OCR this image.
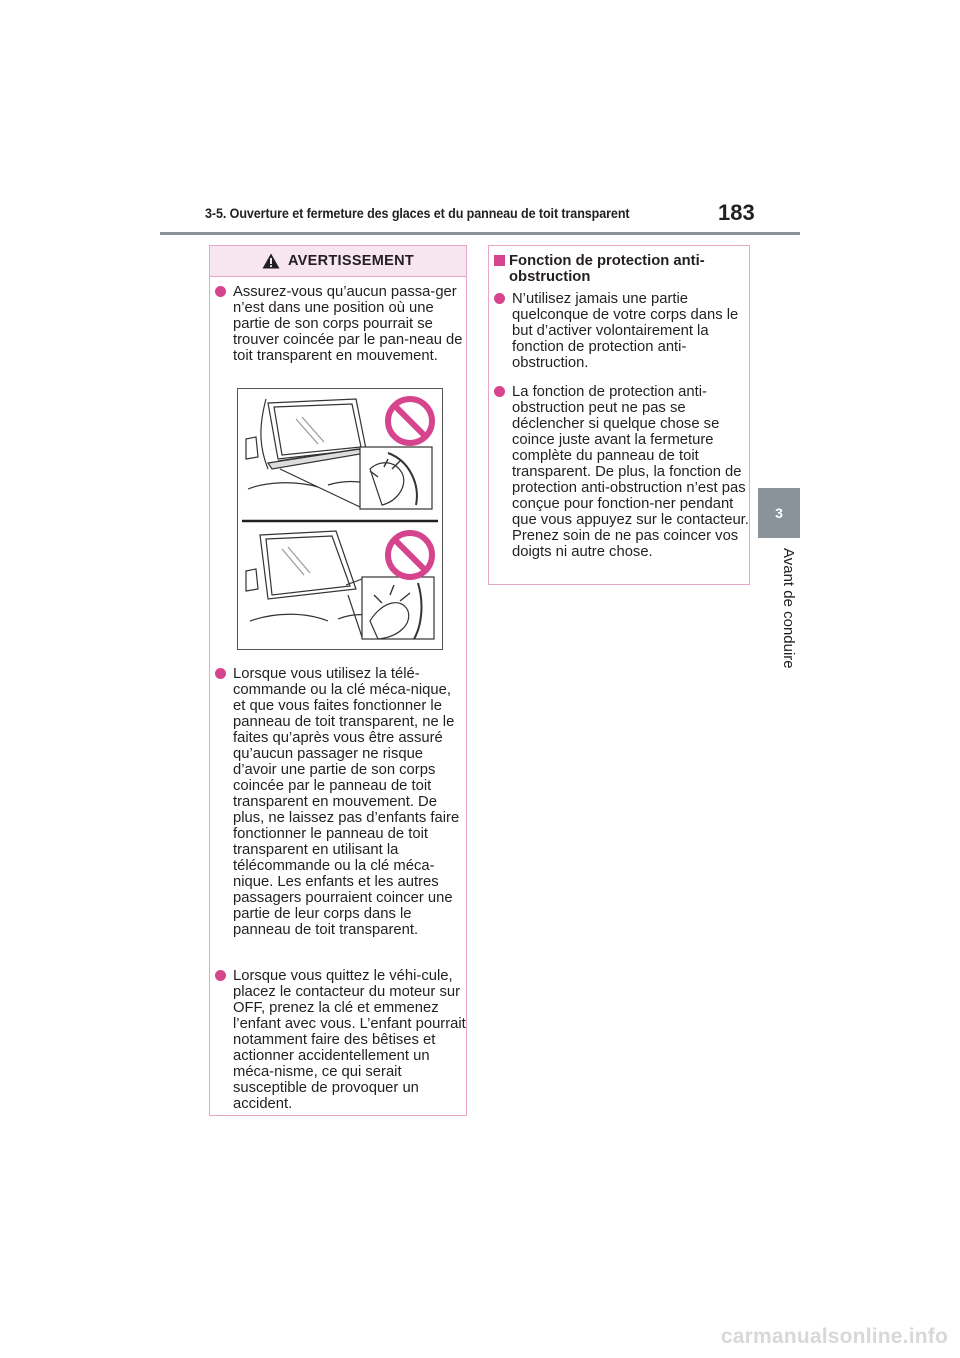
3-5. Ouverture et fermeture des glaces et du panneau de toit transparent	183
3
Avant de conduire
AVERTISSEMENT
Assurez-vous qu’aucun passa-ger n’est dans une position où une partie de son corps pourrait se trouver coincée par le pan-neau de toit transparent en mouvement.
Lorsque vous utilisez la télé-commande ou la clé méca-nique, et que vous faites fonctionner le panneau de toit transparent, ne le faites qu’après vous être assuré qu’aucun passager ne risque d’avoir une partie de son corps coincée par le panneau de toit transparent en mouvement. De plus, ne laissez pas d’enfants faire fonctionner le panneau de toit transparent en utilisant la télécommande ou la clé méca-nique. Les enfants et les autres passagers pourraient coincer une partie de leur corps dans le panneau de toit transparent.
Lorsque vous quittez le véhi-cule, placez le contacteur du moteur sur OFF, prenez la clé et emmenez l’enfant avec vous. L’enfant pourrait notamment faire des bêtises et actionner accidentellement un méca-nisme, ce qui serait susceptible de provoquer un accident.
Fonction de protection anti-obstruction
N’utilisez jamais une partie quelconque de votre corps dans le but d’activer volontairement la fonction de protection anti-obstruction.
La fonction de protection anti-obstruction peut ne pas se déclencher si quelque chose se coince juste avant la fermeture complète du panneau de toit transparent. De plus, la fonction de protection anti-obstruction n’est pas conçue pour fonction-ner pendant que vous appuyez sur le contacteur. Prenez soin de ne pas coincer vos doigts ni autre chose.
carmanualsonline.info
